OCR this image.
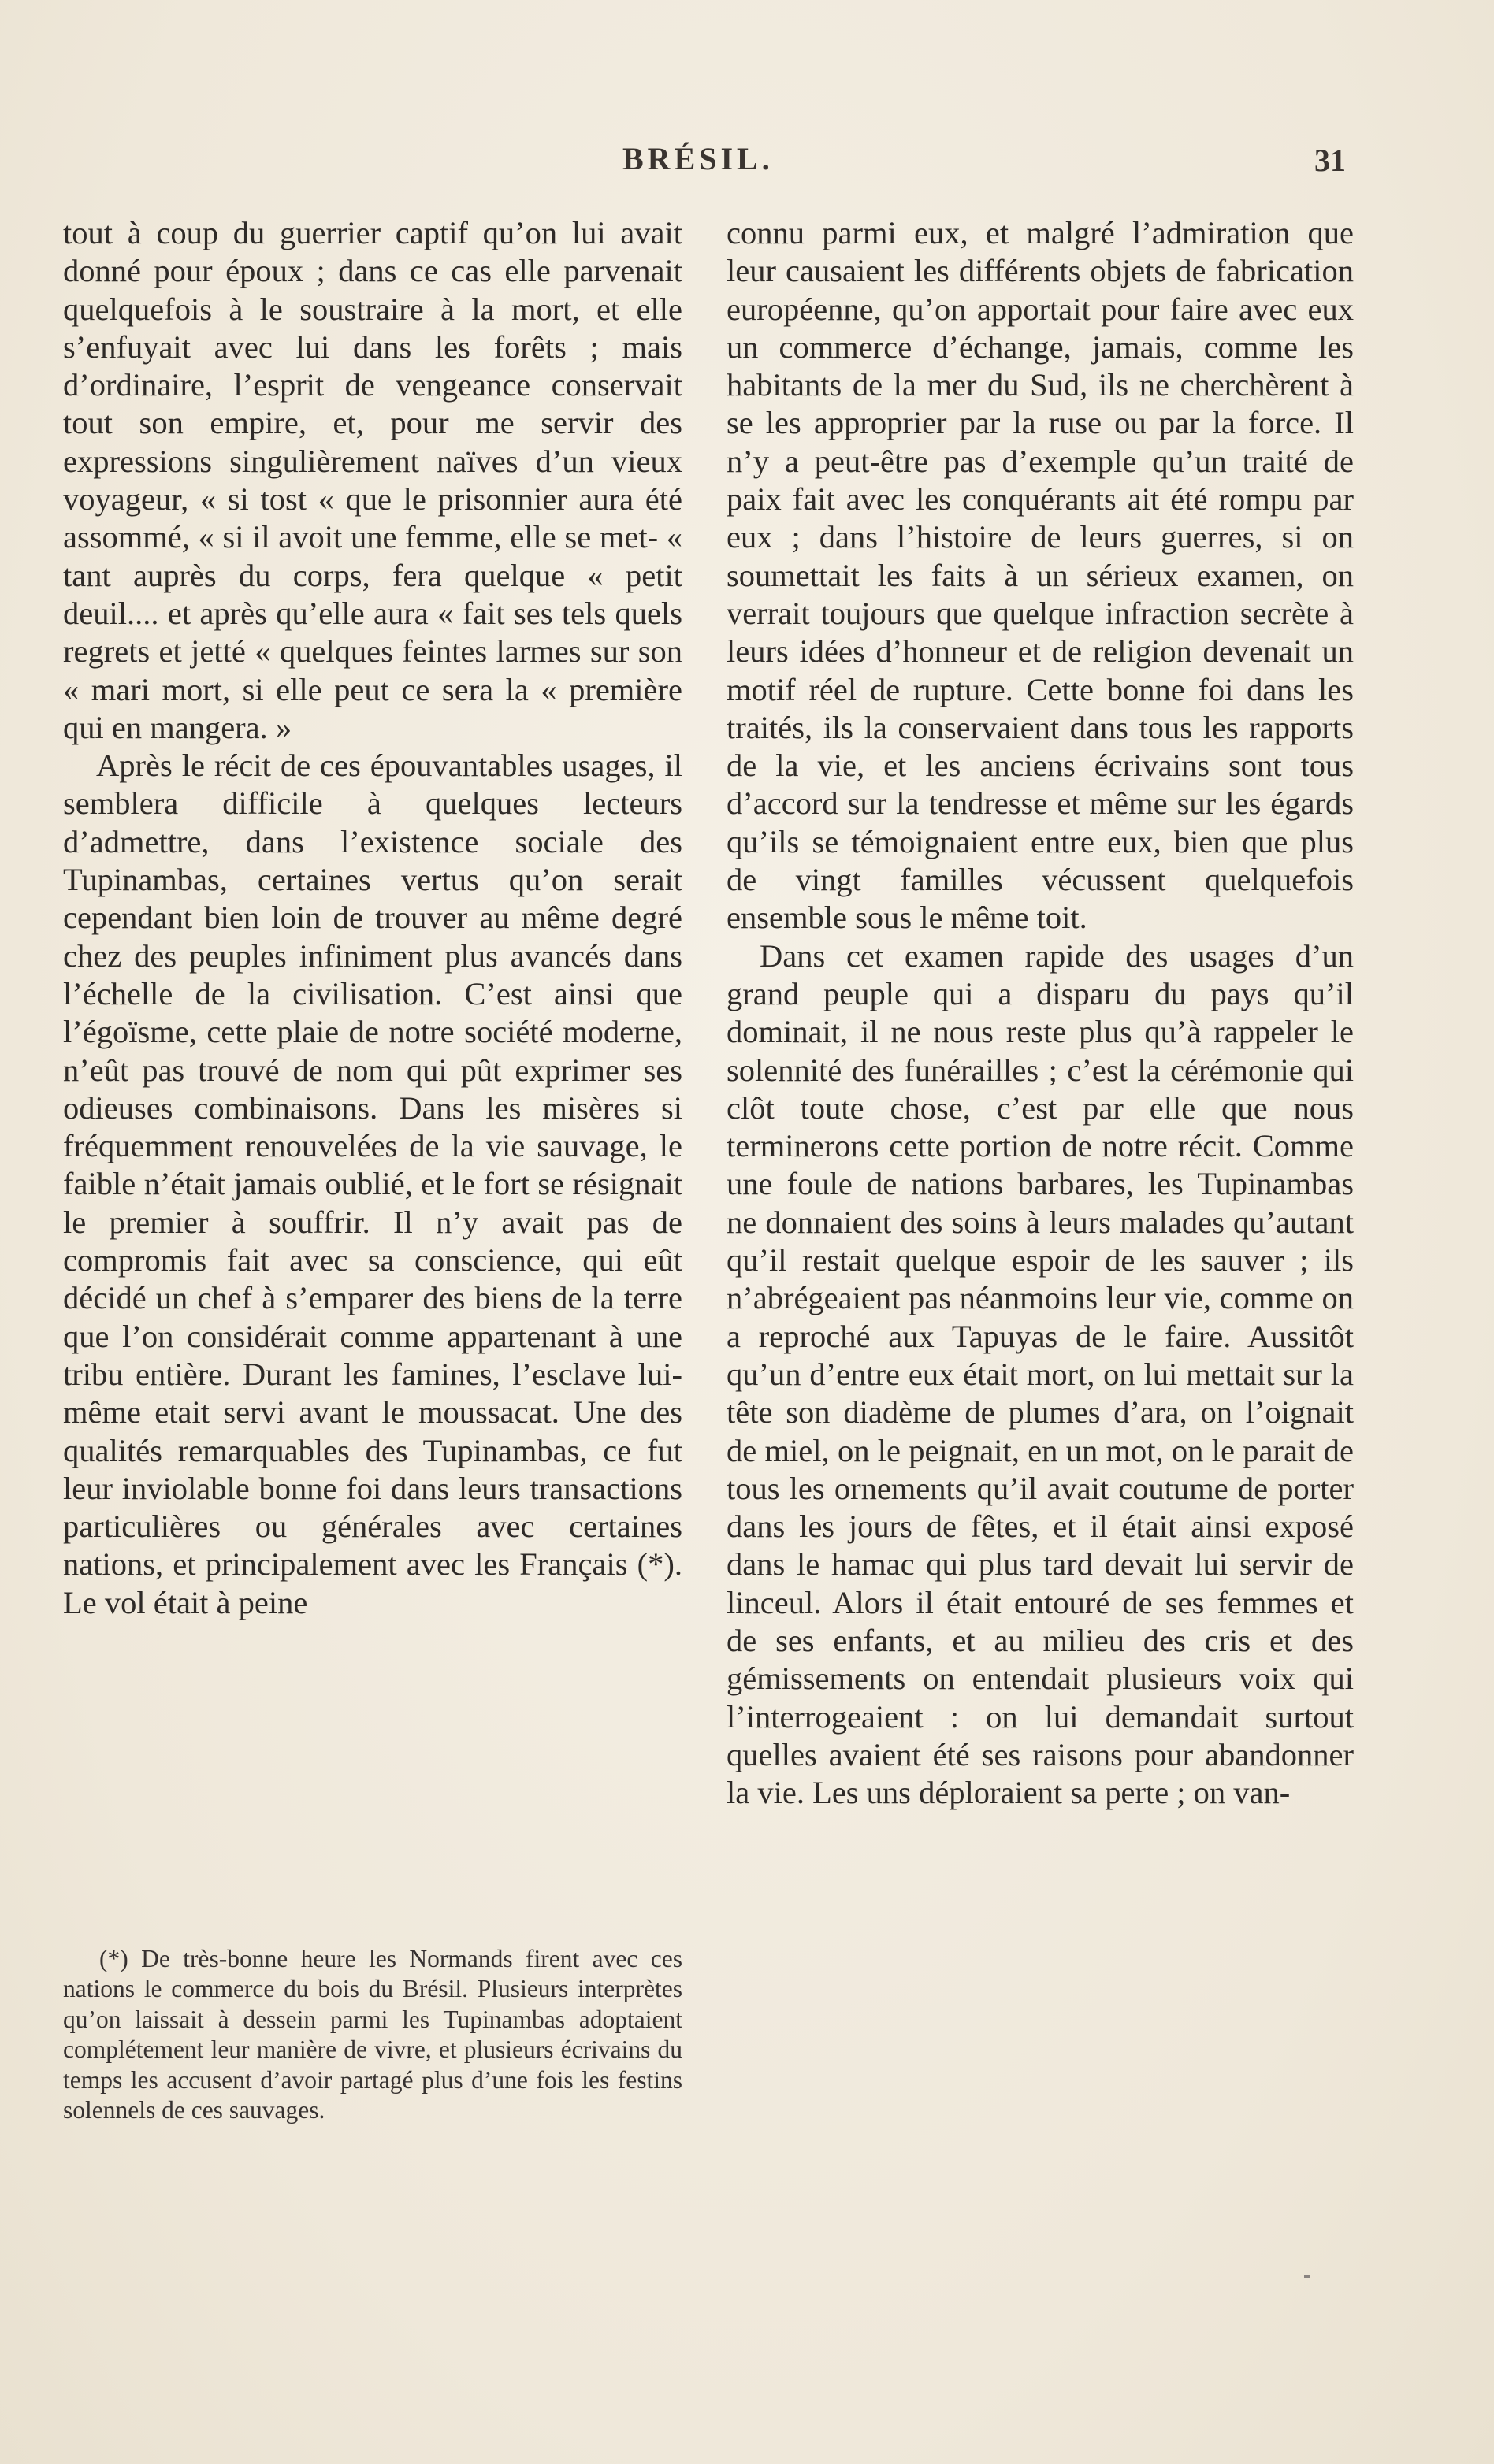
BRÉSIL.	31

tout à coup du guerrier captif qu’on lui avait donné pour époux ; dans ce cas elle parvenait quelquefois à le soustraire à la mort, et elle s’enfuyait avec lui dans les forêts ; mais d’ordinaire, l’esprit de vengeance conservait tout son empire, et, pour me servir des expressions singulièrement naïves d’un vieux voyageur, « si tost « que le prisonnier aura été assommé, « si il avoit une femme, elle se met- « tant auprès du corps, fera quelque « petit deuil.... et après qu’elle aura « fait ses tels quels regrets et jetté « quelques feintes larmes sur son « mari mort, si elle peut ce sera la « première qui en mangera. »

Après le récit de ces épouvantables usages, il semblera difficile à quelques lecteurs d’admettre, dans l’existence sociale des Tupinambas, certaines vertus qu’on serait cependant bien loin de trouver au même degré chez des peuples infiniment plus avancés dans l’échelle de la civilisation. C’est ainsi que l’égoïsme, cette plaie de notre société moderne, n’eût pas trouvé de nom qui pût exprimer ses odieuses combinaisons. Dans les misères si fréquemment renouvelées de la vie sauvage, le faible n’était jamais oublié, et le fort se résignait le premier à souffrir. Il n’y avait pas de compromis fait avec sa conscience, qui eût décidé un chef à s’emparer des biens de la terre que l’on considérait comme appartenant à une tribu entière. Durant les famines, l’esclave lui-même etait servi avant le moussacat. Une des qualités remarquables des Tupinambas, ce fut leur inviolable bonne foi dans leurs transactions particulières ou générales avec certaines nations, et principalement avec les Français (*). Le vol était à peine

(*) De très-bonne heure les Normands firent avec ces nations le commerce du bois du Brésil. Plusieurs interprètes qu’on laissait à dessein parmi les Tupinambas adoptaient complétement leur manière de vivre, et plusieurs écrivains du temps les accusent d’avoir partagé plus d’une fois les festins solennels de ces sauvages.

connu parmi eux, et malgré l’admiration que leur causaient les différents objets de fabrication européenne, qu’on apportait pour faire avec eux un commerce d’échange, jamais, comme les habitants de la mer du Sud, ils ne cherchèrent à se les approprier par la ruse ou par la force. Il n’y a peut-être pas d’exemple qu’un traité de paix fait avec les conquérants ait été rompu par eux ; dans l’histoire de leurs guerres, si on soumettait les faits à un sérieux examen, on verrait toujours que quelque infraction secrète à leurs idées d’honneur et de religion devenait un motif réel de rupture. Cette bonne foi dans les traités, ils la conservaient dans tous les rapports de la vie, et les anciens écrivains sont tous d’accord sur la tendresse et même sur les égards qu’ils se témoignaient entre eux, bien que plus de vingt familles vécussent quelquefois ensemble sous le même toit.

Dans cet examen rapide des usages d’un grand peuple qui a disparu du pays qu’il dominait, il ne nous reste plus qu’à rappeler le solennité des funérailles ; c’est la cérémonie qui clôt toute chose, c’est par elle que nous terminerons cette portion de notre récit. Comme une foule de nations barbares, les Tupinambas ne donnaient des soins à leurs malades qu’autant qu’il restait quelque espoir de les sauver ; ils n’abrégeaient pas néanmoins leur vie, comme on a reproché aux Tapuyas de le faire. Aussitôt qu’un d’entre eux était mort, on lui mettait sur la tête son diadème de plumes d’ara, on l’oignait de miel, on le peignait, en un mot, on le parait de tous les ornements qu’il avait coutume de porter dans les jours de fêtes, et il était ainsi exposé dans le hamac qui plus tard devait lui servir de linceul. Alors il était entouré de ses femmes et de ses enfants, et au milieu des cris et des gémissements on entendait plusieurs voix qui l’interrogeaient : on lui demandait surtout quelles avaient été ses raisons pour abandonner la vie. Les uns déploraient sa perte ; on van-
